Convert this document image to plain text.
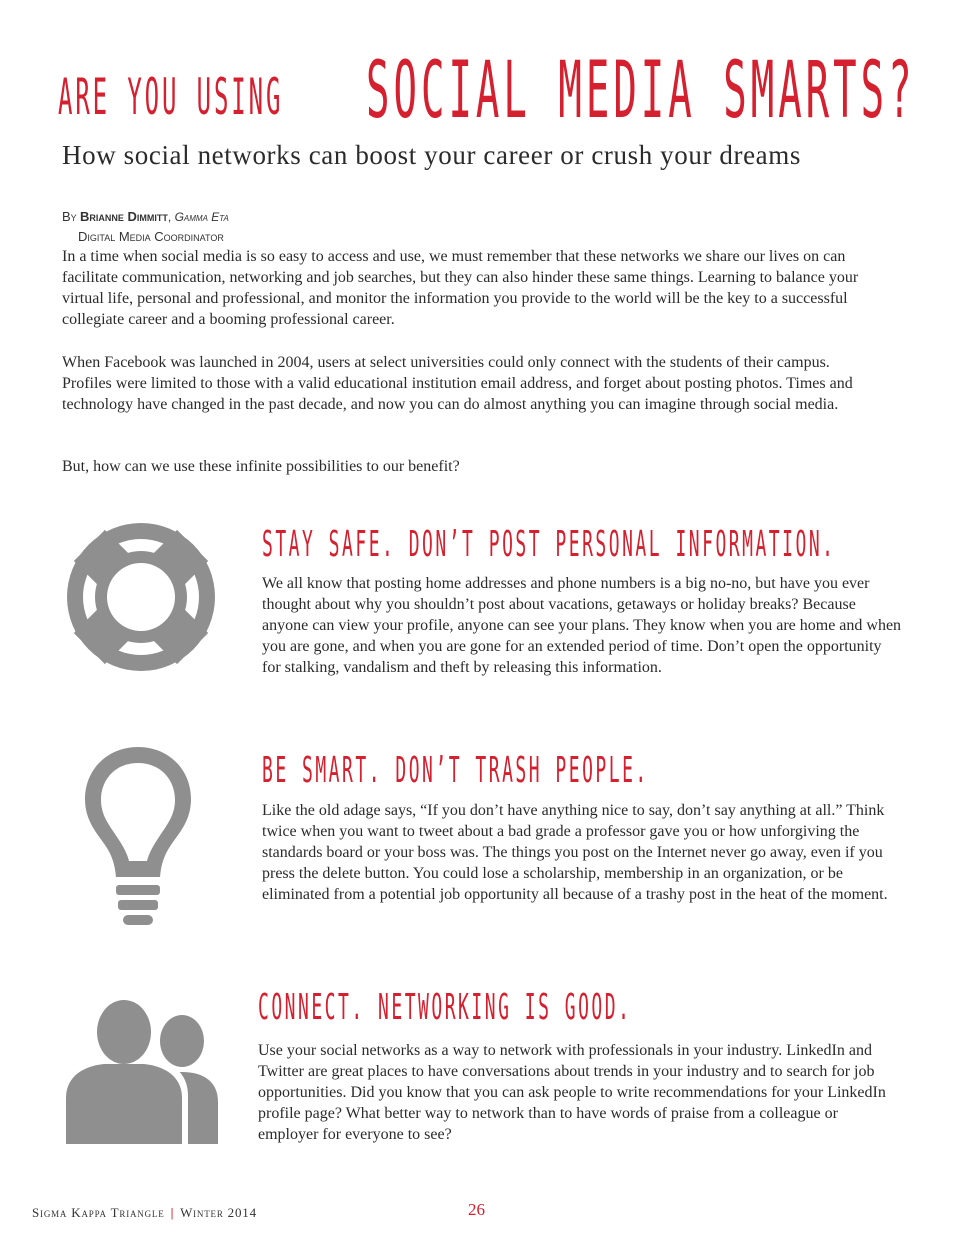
ARE YOU USING SOCIAL MEDIA SMARTS?
How social networks can boost your career or crush your dreams
By Brianne Dimmitt, Gamma Eta
Digital Media Coordinator

In a time when social media is so easy to access and use, we must remember that these networks we share our lives on can facilitate communication, networking and job searches, but they can also hinder these same things. Learning to balance your virtual life, personal and professional, and monitor the information you provide to the world will be the key to a successful collegiate career and a booming professional career.

When Facebook was launched in 2004, users at select universities could only connect with the students of their campus. Profiles were limited to those with a valid educational institution email address, and forget about posting photos. Times and technology have changed in the past decade, and now you can do almost anything you can imagine through social media.

But, how can we use these infinite possibilities to our benefit?

STAY SAFE. DON’T POST PERSONAL INFORMATION.

We all know that posting home addresses and phone numbers is a big no-no, but have you ever thought about why you shouldn’t post about vacations, getaways or holiday breaks? Because anyone can view your profile, anyone can see your plans. They know when you are home and when you are gone, and when you are gone for an extended period of time. Don’t open the opportunity for stalking, vandalism and theft by releasing this information.

BE SMART. DON’T TRASH PEOPLE.

Like the old adage says, “If you don’t have anything nice to say, don’t say anything at all.” Think twice when you want to tweet about a bad grade a professor gave you or how unforgiving the standards board or your boss was. The things you post on the Internet never go away, even if you press the delete button. You could lose a scholarship, membership in an organization, or be eliminated from a potential job opportunity all because of a trashy post in the heat of the moment.

CONNECT. NETWORKING IS GOOD.

Use your social networks as a way to network with professionals in your industry. LinkedIn and Twitter are great places to have conversations about trends in your industry and to search for job opportunities. Did you know that you can ask people to write recommendations for your LinkedIn profile page? What better way to network than to have words of praise from a colleague or employer for everyone to see?

Sigma Kappa Triangle | Winter 2014	26
